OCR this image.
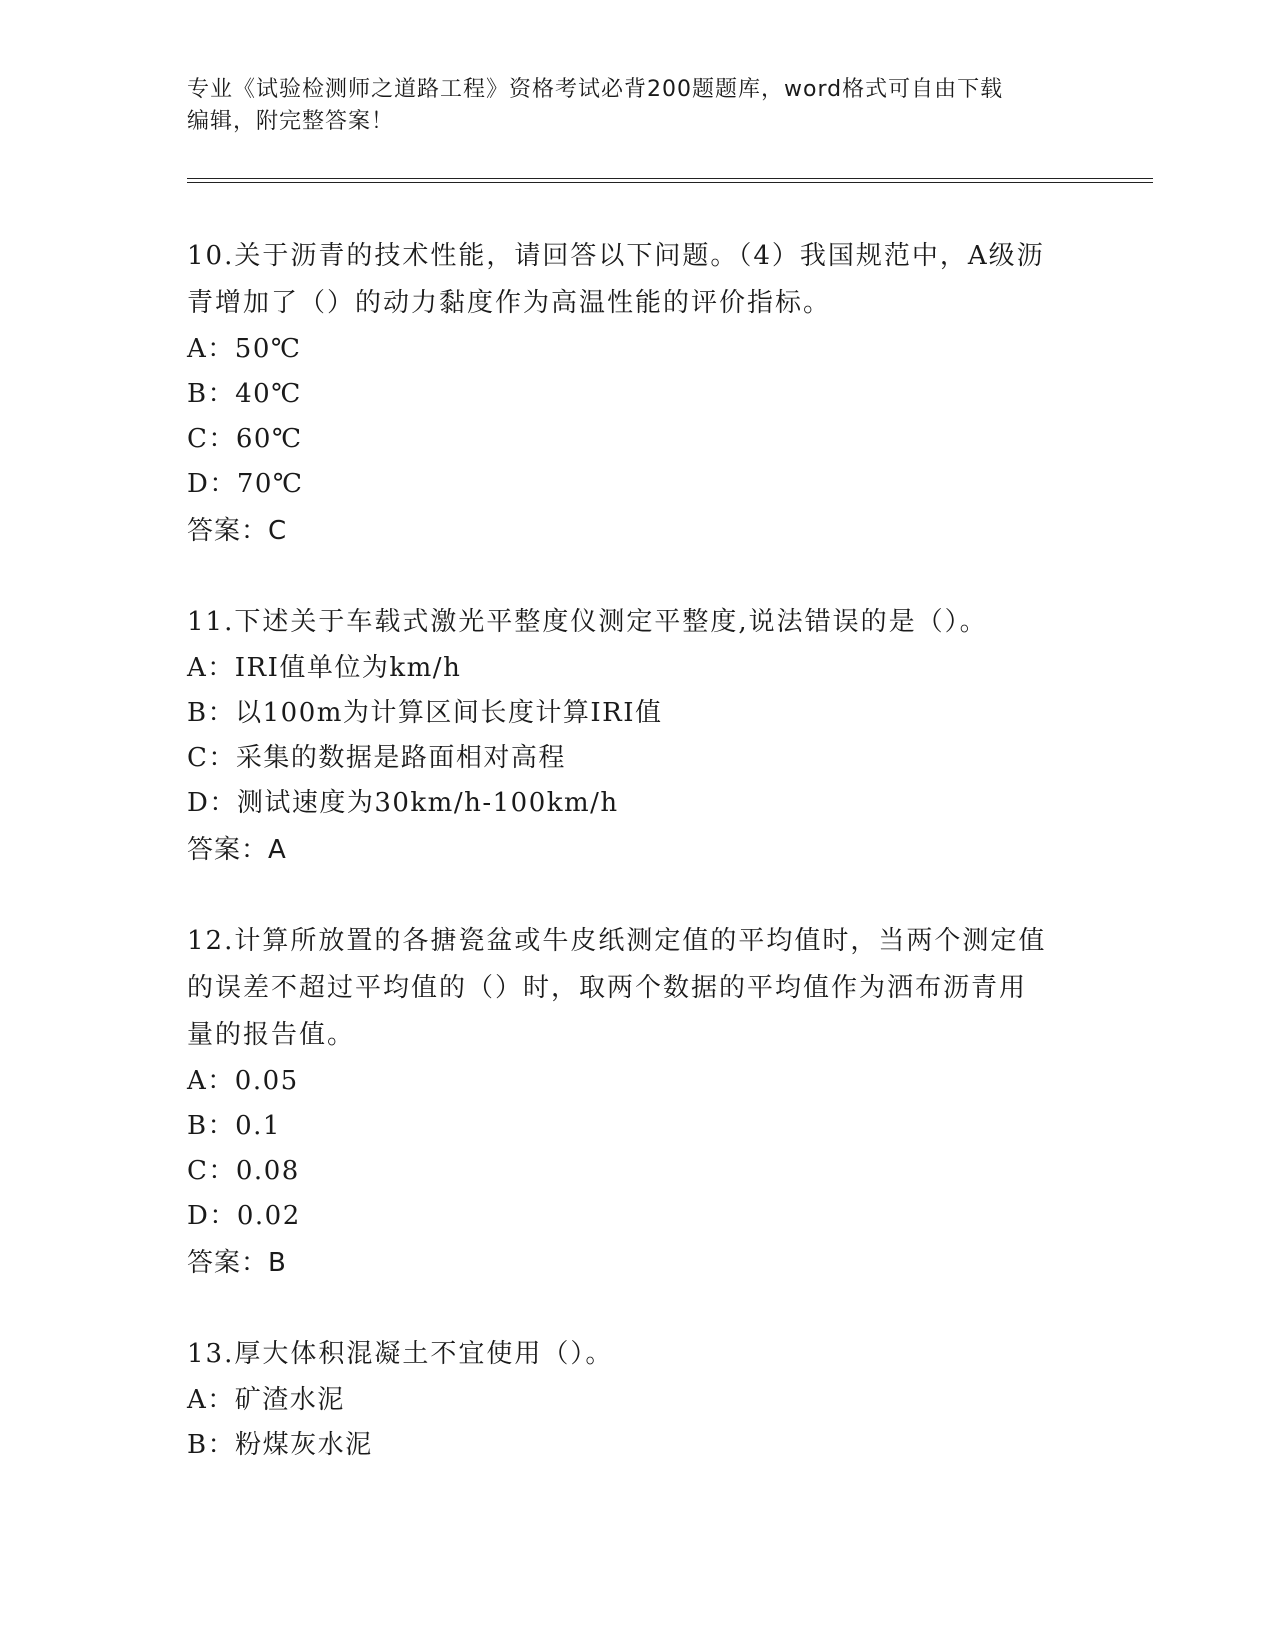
专业《试验检测师之道路工程》资格考试必背200题题库，word格式可自由下载
编辑，附完整答案！
10.关于沥青的技术性能，请回答以下问题。（4）我国规范中，A级沥
青增加了（）的动力黏度作为高温性能的评价指标。
A：50℃
B：40℃
C：60℃
D：70℃
答案：C
11.下述关于车载式激光平整度仪测定平整度,说法错误的是（）。
A：IRI值单位为km/h
B：以100m为计算区间长度计算IRI值
C：采集的数据是路面相对高程
D：测试速度为30km/h-100km/h
答案：A
12.计算所放置的各搪瓷盆或牛皮纸测定值的平均值时，当两个测定值
的误差不超过平均值的（）时，取两个数据的平均值作为洒布沥青用
量的报告值。
A：0.05
B：0.1
C：0.08
D：0.02
答案：B
13.厚大体积混凝土不宜使用（）。
A：矿渣水泥
B：粉煤灰水泥
